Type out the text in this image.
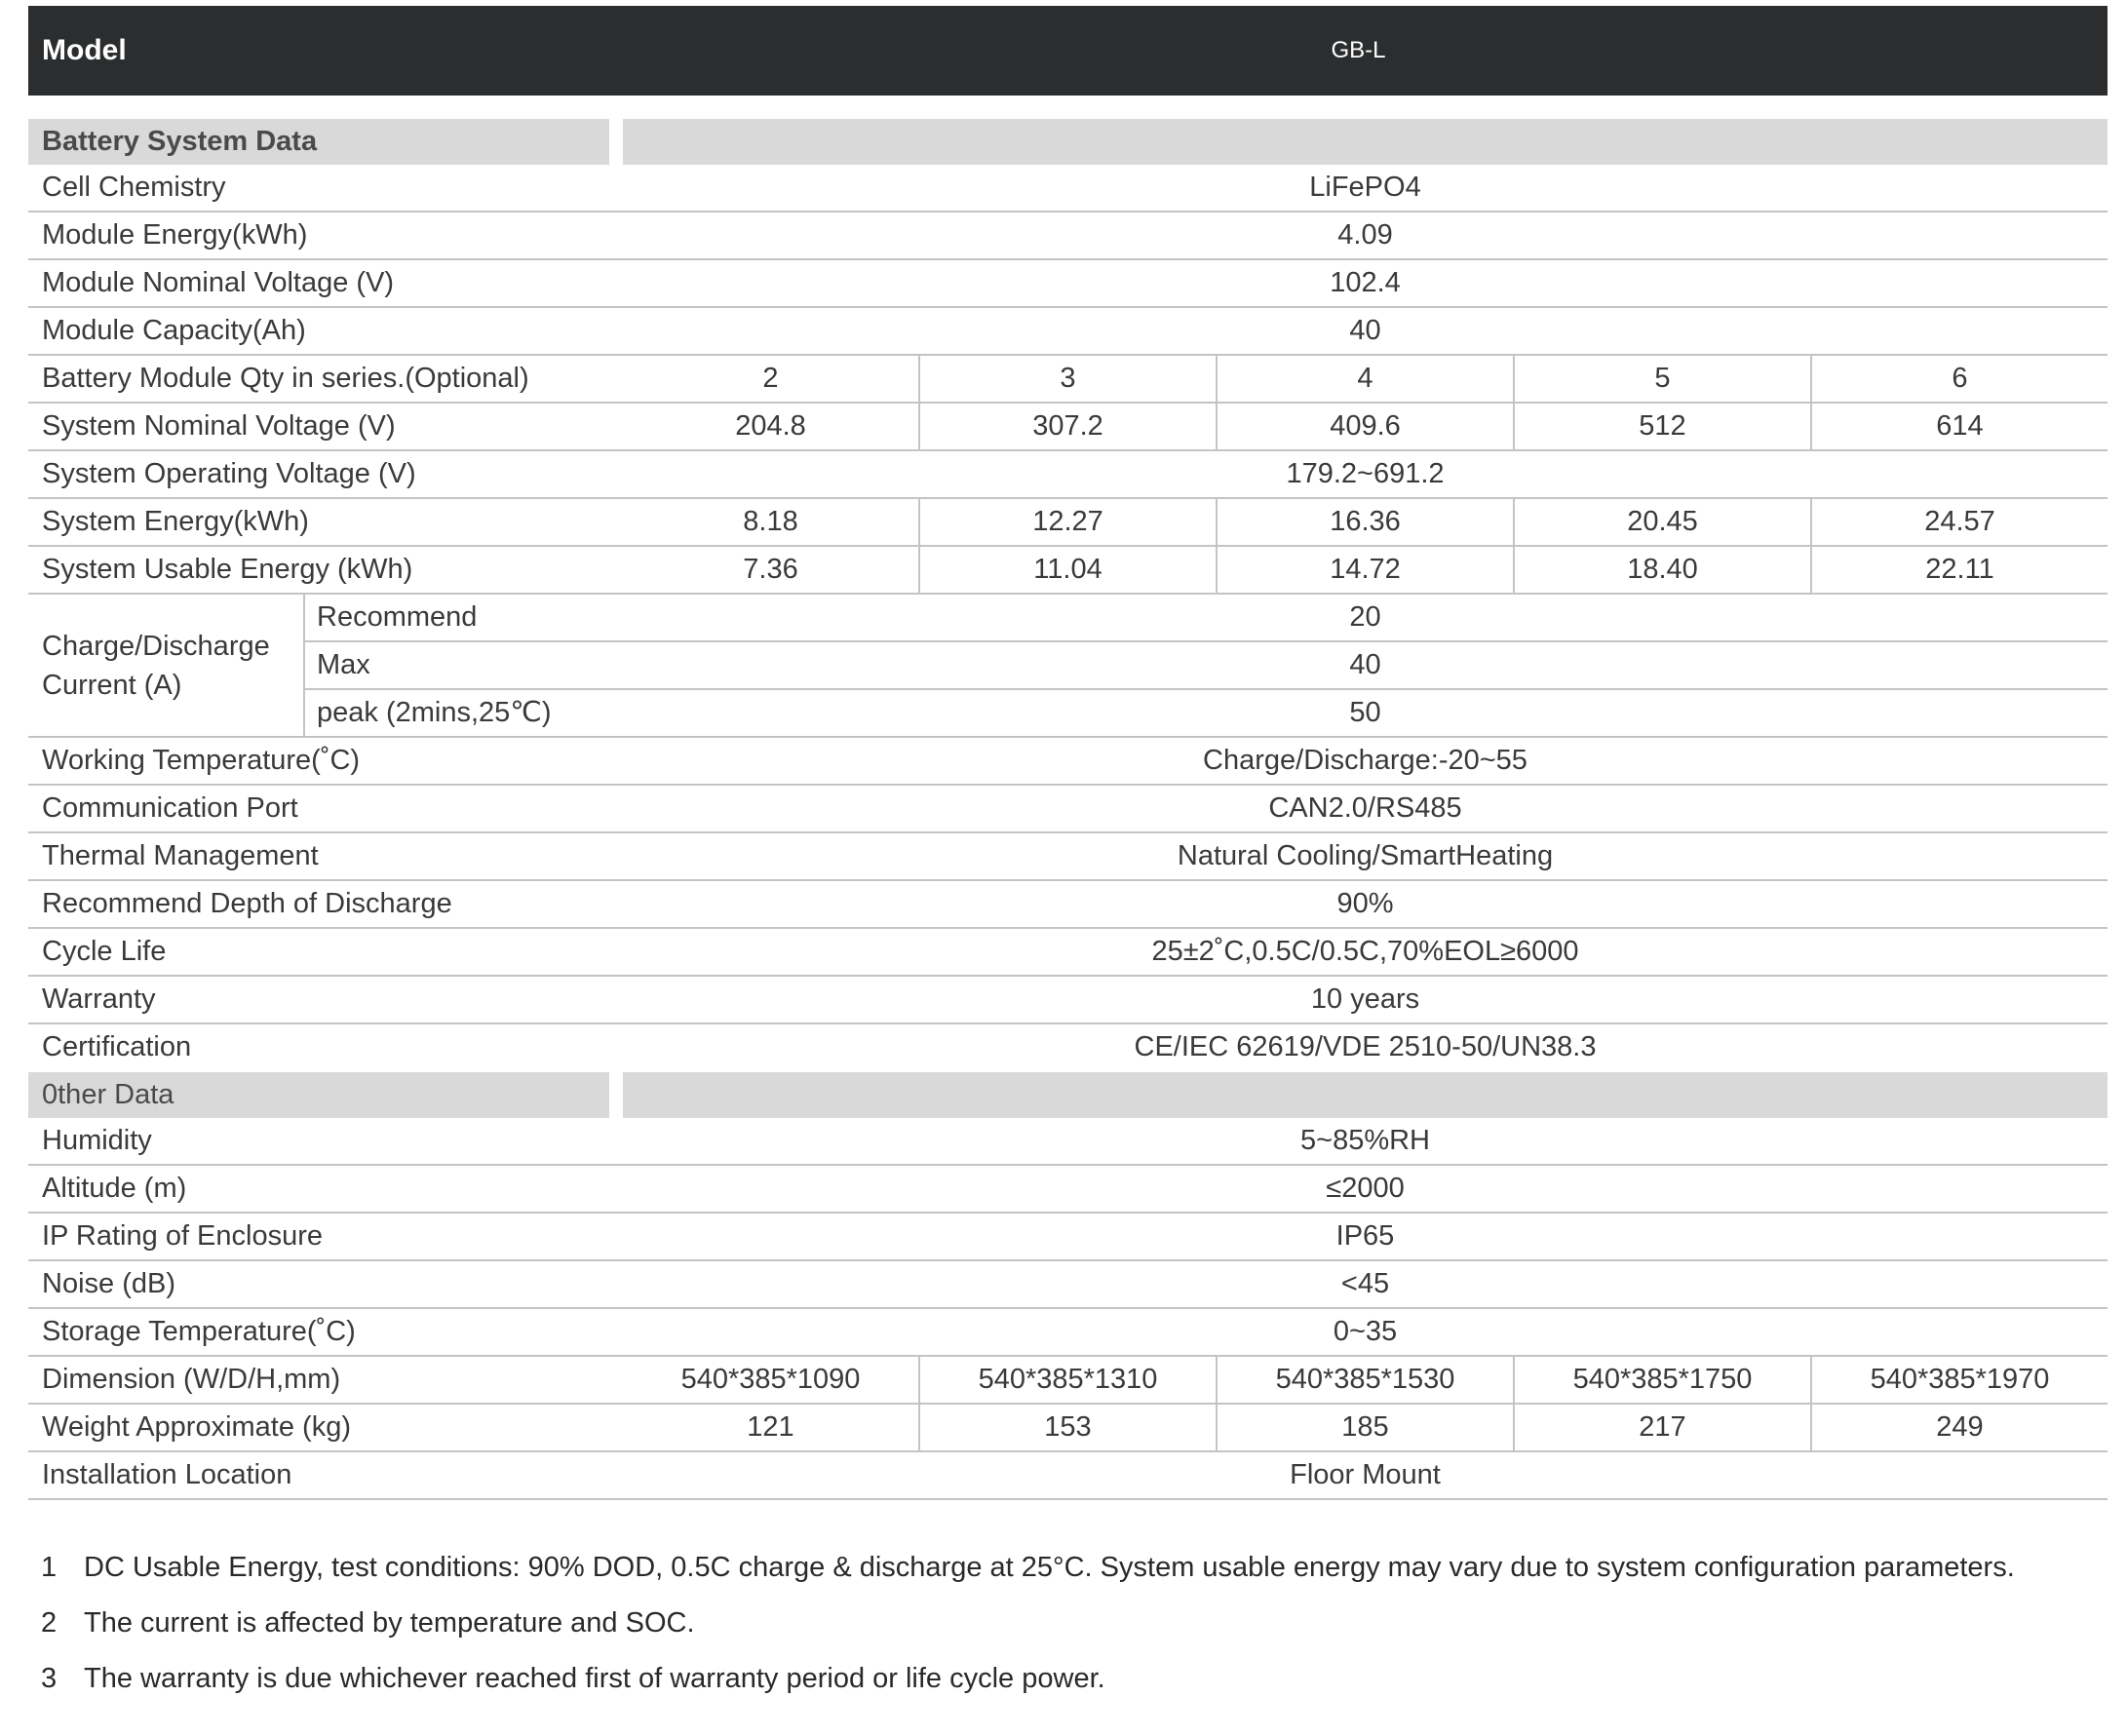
Model	GB-L
Battery System Data
Cell Chemistry	LiFePO4
Module Energy(kWh)	4.09
Module Nominal Voltage (V)	102.4
Module Capacity(Ah)	40
Battery Module Qty in series.(Optional)	2	3	4	5	6
System Nominal Voltage (V)	204.8	307.2	409.6	512	614
System Operating Voltage (V)	179.2~691.2
System Energy(kWh)	8.18	12.27	16.36	20.45	24.57
System Usable Energy (kWh)	7.36	11.04	14.72	18.40	22.11
Charge/Discharge
Current (A)
Recommend	20
Max	40
peak (2mins,25℃)	50
Working Temperature(˚C)	Charge/Discharge:-20~55
Communication Port	CAN2.0/RS485
Thermal Management	Natural Cooling/SmartHeating
Recommend Depth of Discharge	90%
Cycle Life	25±2˚C,0.5C/0.5C,70%EOL≥6000
Warranty	10 years
Certification	CE/IEC 62619/VDE 2510-50/UN38.3
0ther Data
Humidity	5~85%RH
Altitude (m)	≤2000
IP Rating of Enclosure	IP65
Noise (dB)	<45
Storage Temperature(˚C)	0~35
Dimension (W/D/H,mm)	540*385*1090	540*385*1310	540*385*1530	540*385*1750	540*385*1970
Weight Approximate (kg)	121	153	185	217	249
Installation Location	Floor Mount
1 DC Usable Energy, test conditions: 90% DOD, 0.5C charge & discharge at 25°C. System usable energy may vary due to system configuration parameters.
2 The current is affected by temperature and SOC.
3 The warranty is due whichever reached first of warranty period or life cycle power.
